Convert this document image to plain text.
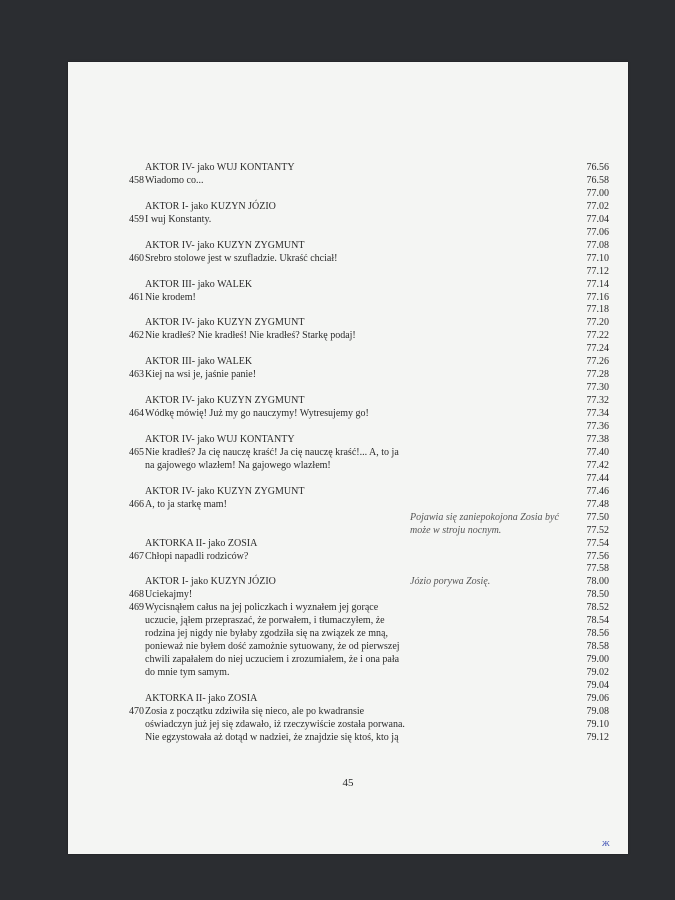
AKTOR IV- jako WUJ KONTANTY	76.56
458 Wiadomo co...	76.58
77.00
AKTOR I- jako KUZYN JÓZIO	77.02
459 I wuj Konstanty.	77.04
77.06
AKTOR IV- jako KUZYN ZYGMUNT	77.08
460 Srebro stolowe jest w szufladzie. Ukraść chciał!	77.10
77.12
AKTOR III- jako WALEK	77.14
461 Nie krodem!	77.16
77.18
AKTOR IV- jako KUZYN ZYGMUNT	77.20
462 Nie kradłeś? Nie kradłeś! Nie kradłeś? Starkę podaj!	77.22
77.24
AKTOR III- jako WALEK	77.26
463 Kiej na wsi je, jaśnie panie!	77.28
77.30
AKTOR IV- jako KUZYN ZYGMUNT	77.32
464 Wódkę mówię! Już my go nauczymy! Wytresujemy go!	77.34
77.36
AKTOR IV- jako WUJ KONTANTY	77.38
465 Nie kradłeś? Ja cię nauczę kraść! Ja cię nauczę kraść!... A, to ja	77.40
na gajowego wlazłem! Na gajowego wlazłem!	77.42
77.44
AKTOR IV- jako KUZYN ZYGMUNT	77.46
466 A, to ja starkę mam!	77.48
Pojawia się zaniepokojona Zosia być	77.50
może w stroju nocnym.	77.52
AKTORKA II- jako ZOSIA	77.54
467 Chłopi napadli rodziców?	77.56
77.58
AKTOR I- jako KUZYN JÓZIO	Józio porywa Zosię.	78.00
468 Uciekajmy!	78.50
469 Wycisnąłem całus na jej policzkach i wyznałem jej gorące	78.52
uczucie, jąłem przepraszać, że porwałem, i tłumaczyłem, że	78.54
rodzina jej nigdy nie byłaby zgodziła się na związek ze mną,	78.56
ponieważ nie byłem dość zamożnie sytuowany, że od pierwszej	78.58
chwili zapałałem do niej uczuciem i zrozumiałem, że i ona pała	79.00
do mnie tym samym.	79.02
79.04
AKTORKA II- jako ZOSIA	79.06
470 Zosia z początku zdziwiła się nieco, ale po kwadransie	79.08
oświadczyn już jej się zdawało, iż rzeczywiście została porwana.	79.10
Nie egzystowała aż dotąd w nadziei, że znajdzie się ktoś, kto ją	79.12
45
ж
